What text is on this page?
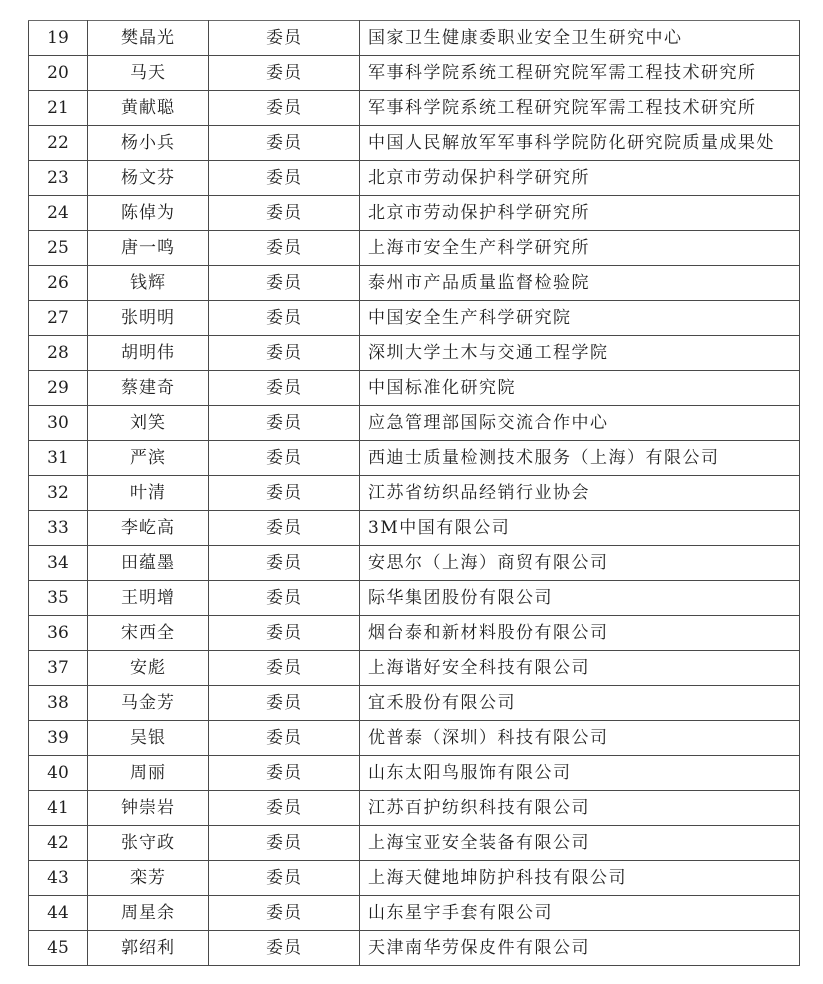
19	樊晶光	委员	国家卫生健康委职业安全卫生研究中心
20	马天	委员	军事科学院系统工程研究院军需工程技术研究所
21	黄献聪	委员	军事科学院系统工程研究院军需工程技术研究所
22	杨小兵	委员	中国人民解放军军事科学院防化研究院质量成果处
23	杨文芬	委员	北京市劳动保护科学研究所
24	陈倬为	委员	北京市劳动保护科学研究所
25	唐一鸣	委员	上海市安全生产科学研究所
26	钱辉	委员	泰州市产品质量监督检验院
27	张明明	委员	中国安全生产科学研究院
28	胡明伟	委员	深圳大学土木与交通工程学院
29	蔡建奇	委员	中国标准化研究院
30	刘笑	委员	应急管理部国际交流合作中心
31	严滨	委员	西迪士质量检测技术服务（上海）有限公司
32	叶清	委员	江苏省纺织品经销行业协会
33	李屹高	委员	3M中国有限公司
34	田蕴墨	委员	安思尔（上海）商贸有限公司
35	王明增	委员	际华集团股份有限公司
36	宋西全	委员	烟台泰和新材料股份有限公司
37	安彪	委员	上海谐好安全科技有限公司
38	马金芳	委员	宜禾股份有限公司
39	吴银	委员	优普泰（深圳）科技有限公司
40	周丽	委员	山东太阳鸟服饰有限公司
41	钟崇岩	委员	江苏百护纺织科技有限公司
42	张守政	委员	上海宝亚安全装备有限公司
43	栾芳	委员	上海天健地坤防护科技有限公司
44	周星余	委员	山东星宇手套有限公司
45	郭绍利	委员	天津南华劳保皮件有限公司
